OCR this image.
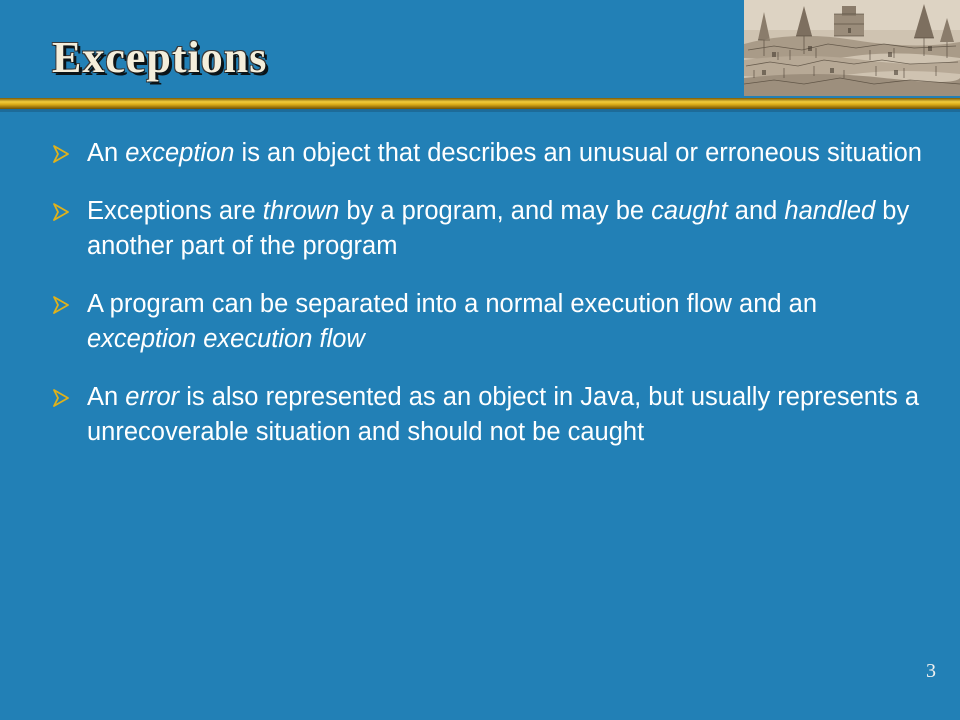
Exceptions
An exception is an object that describes an unusual or erroneous situation
Exceptions are thrown by a program, and may be caught and handled by another part of the program
A program can be separated into a normal execution flow and an exception execution flow
An error is also represented as an object in Java, but usually represents a unrecoverable situation and should not be caught
3
